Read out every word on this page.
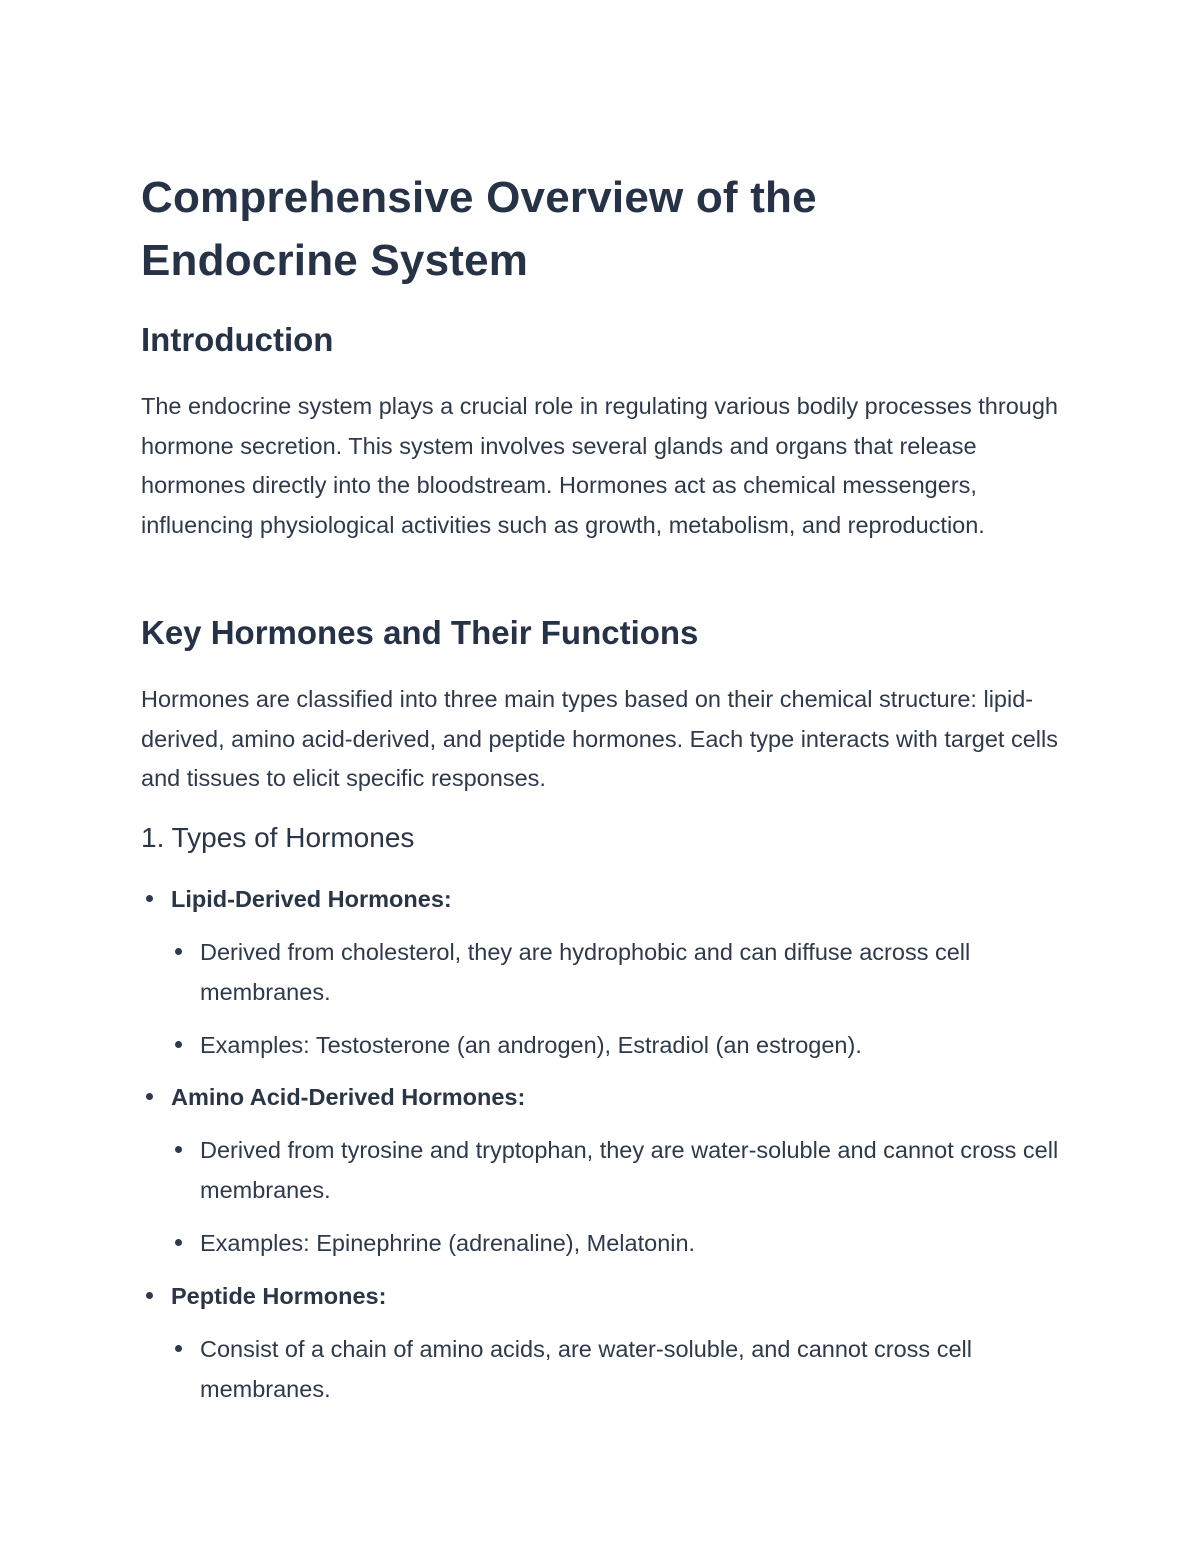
Comprehensive Overview of the Endocrine System
Introduction

The endocrine system plays a crucial role in regulating various bodily processes through hormone secretion. This system involves several glands and organs that release hormones directly into the bloodstream. Hormones act as chemical messengers, influencing physiological activities such as growth, metabolism, and reproduction.

Key Hormones and Their Functions

Hormones are classified into three main types based on their chemical structure: lipid-derived, amino acid-derived, and peptide hormones. Each type interacts with target cells and tissues to elicit specific responses.

1. Types of Hormones
Lipid-Derived Hormones:
Derived from cholesterol, they are hydrophobic and can diffuse across cell membranes.
Examples: Testosterone (an androgen), Estradiol (an estrogen).
Amino Acid-Derived Hormones:
Derived from tyrosine and tryptophan, they are water-soluble and cannot cross cell membranes.
Examples: Epinephrine (adrenaline), Melatonin.
Peptide Hormones:
Consist of a chain of amino acids, are water-soluble, and cannot cross cell membranes.
